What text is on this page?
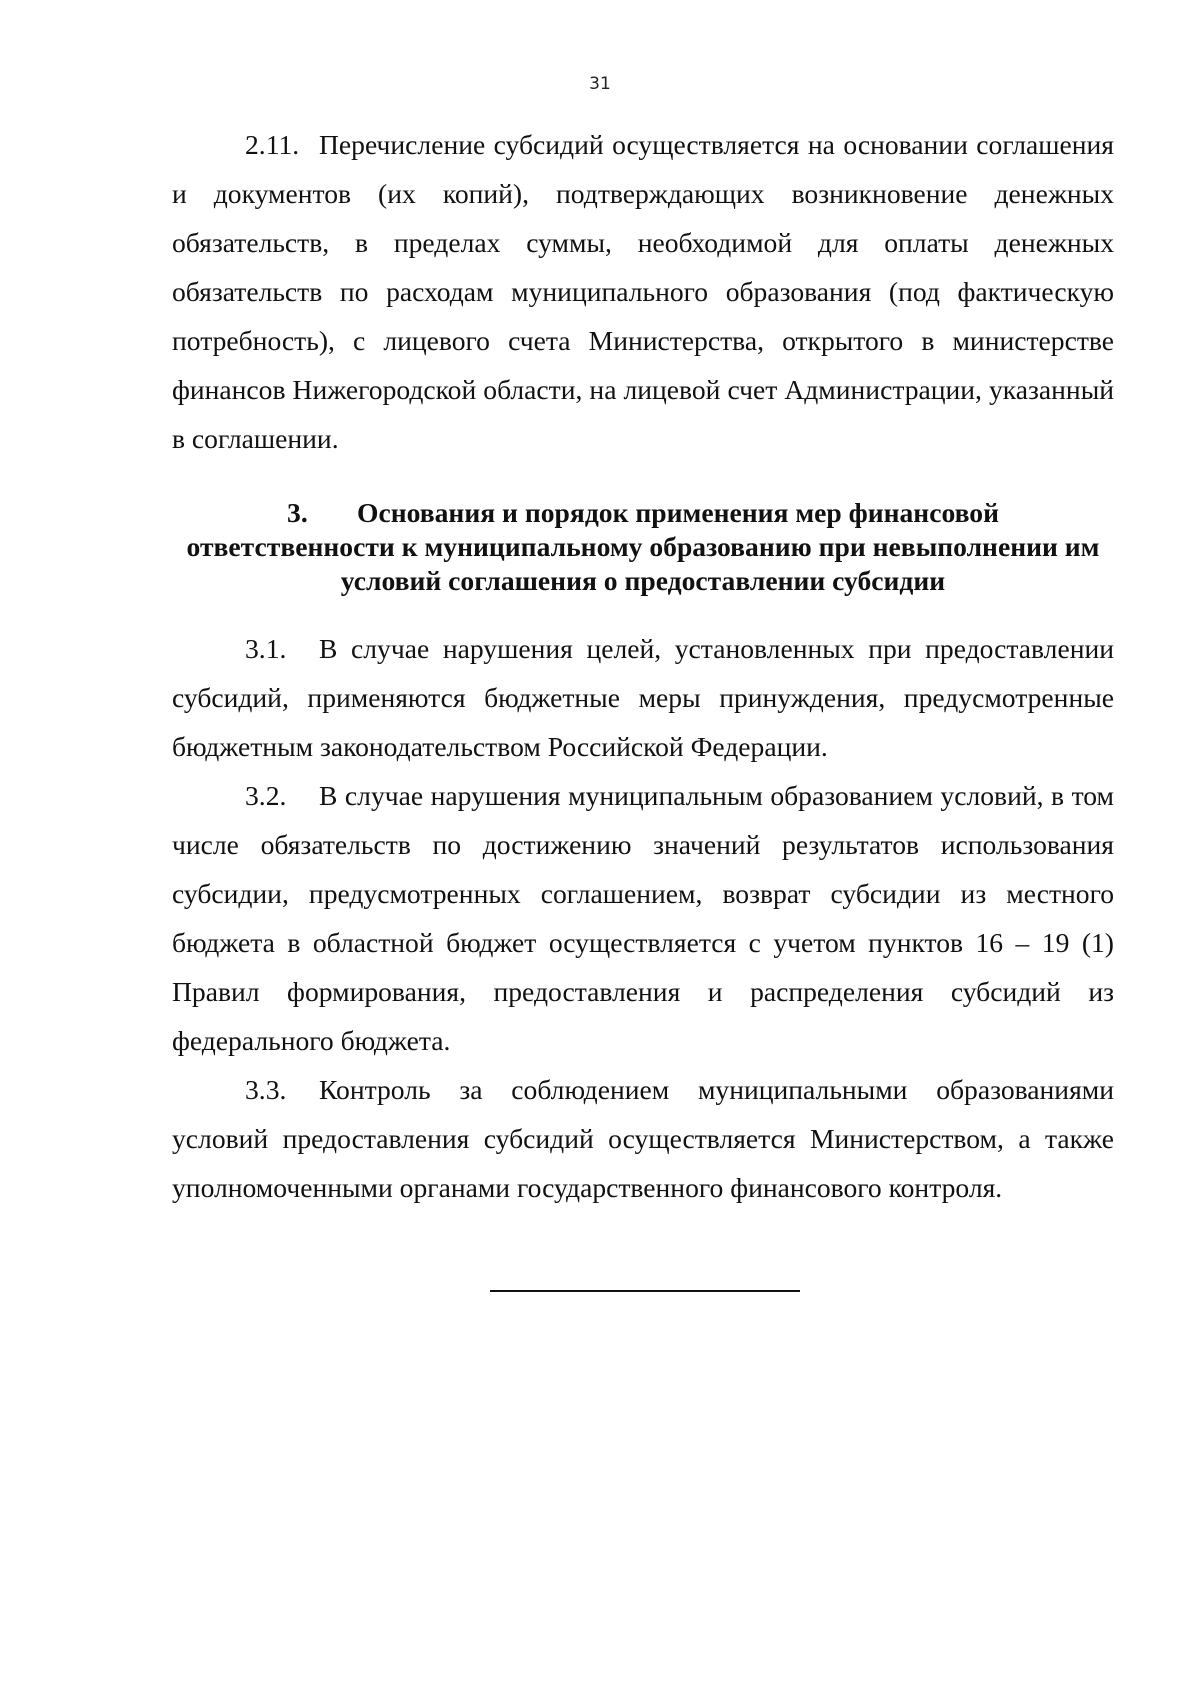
31

2.11. Перечисление субсидий осуществляется на основании соглашения и документов (их копий), подтверждающих возникновение денежных обязательств, в пределах суммы, необходимой для оплаты денежных обязательств по расходам муниципального образования (под фактическую потребность), с лицевого счета Министерства, открытого в министерстве финансов Нижегородской области, на лицевой счет Администрации, указанный в соглашении.

3. Основания и порядок применения мер финансовой
ответственности к муниципальному образованию при невыполнении им
условий соглашения о предоставлении субсидии

3.1. В случае нарушения целей, установленных при предоставлении субсидий, применяются бюджетные меры принуждения, предусмотренные бюджетным законодательством Российской Федерации.

3.2. В случае нарушения муниципальным образованием условий, в том числе обязательств по достижению значений результатов использования субсидии, предусмотренных соглашением, возврат субсидии из местного бюджета в областной бюджет осуществляется с учетом пунктов 16 – 19 (1) Правил формирования, предоставления и распределения субсидий из федерального бюджета.

3.3. Контроль за соблюдением муниципальными образованиями условий предоставления субсидий осуществляется Министерством, а также уполномоченными органами государственного финансового контроля.
